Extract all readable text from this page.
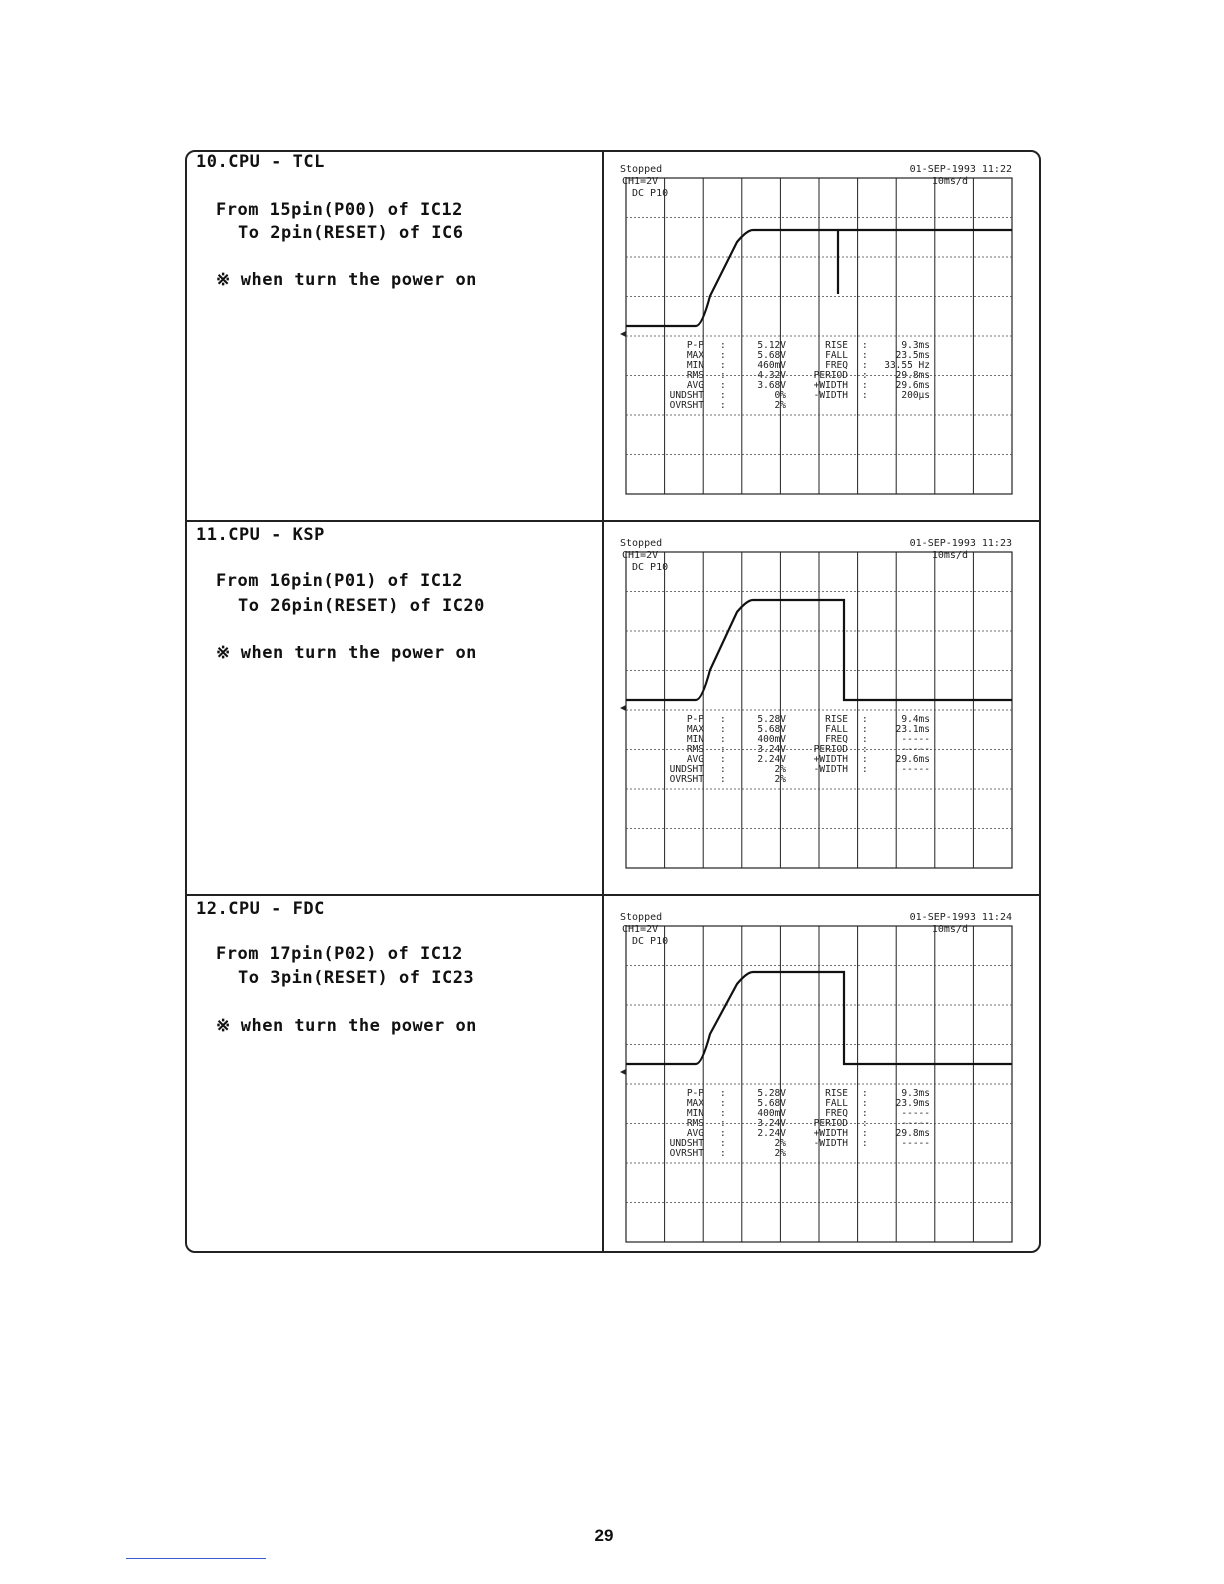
10.CPU - TCL
From 15pin(P00) of IC12
To 2pin(RESET) of IC6
※ when turn the power on
11.CPU - KSP
From 16pin(P01) of IC12
To 26pin(RESET) of IC20
※ when turn the power on
12.CPU - FDC
From 17pin(P02) of IC12
To 3pin(RESET) of IC23
※ when turn the power on
Stopped
CH1=2V
DC P10
01-SEP-1993 11:22
10ms/d
P-P :	5.12V
MAX :	5.68V
MIN :	460mV
RMS :	4.32V
AVG :	3.68V
UNDSHT :	0%
OVRSHT :	2%
RISE :	9.3ms
FALL :	23.5ms
FREQ : 33.55 Hz
PERIOD :	29.8ms
+WIDTH :	29.6ms
-WIDTH :	200µs
Stopped
CH1=2V
DC P10
01-SEP-1993 11:23
10ms/d
P-P :	5.28V
MAX :	5.68V
MIN :	400mV
RMS :	3.24V
AVG :	2.24V
UNDSHT :	2%
OVRSHT :	2%
RISE :	9.4ms
FALL :	23.1ms
FREQ :	-----
PERIOD :	-----
+WIDTH :	29.6ms
-WIDTH :	-----
Stopped
CH1=2V
DC P10
01-SEP-1993 11:24
10ms/d
P-P :	5.28V
MAX :	5.68V
MIN :	400mV
RMS :	3.24V
AVG :	2.24V
UNDSHT :	2%
OVRSHT :	2%
RISE :	9.3ms
FALL :	23.9ms
FREQ :	-----
PERIOD :	-----
+WIDTH :	29.8ms
-WIDTH :	-----
29
